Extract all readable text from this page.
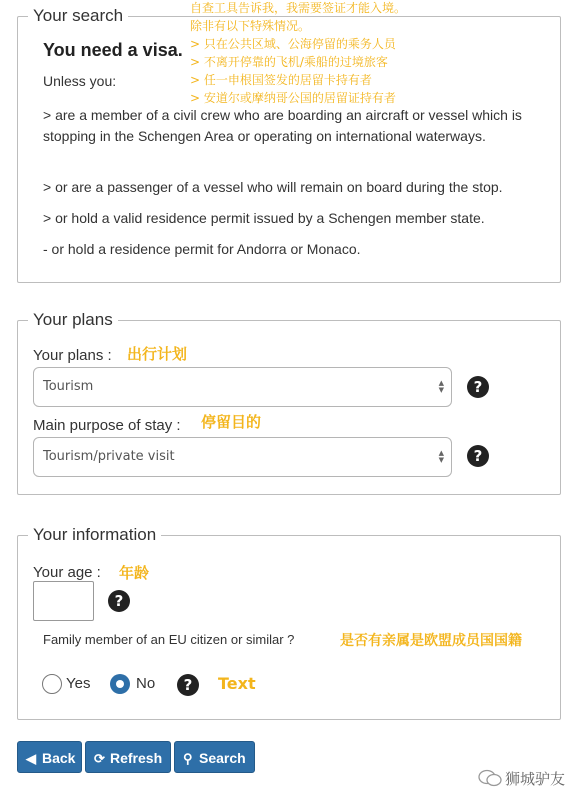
Your search
You need a visa.
Unless you:
> are a member of a civil crew who are boarding an aircraft or vessel which is stopping in the Schengen Area or operating on international waterways.
> or are a passenger of a vessel who will remain on board during the stop.
> or hold a valid residence permit issued by a Schengen member state.
- or hold a residence permit for Andorra or Monaco.
自查工具告诉我，我需要签证才能入境。
除非有以下特殊情况。
> 只在公共区域、公海停留的乘务人员
> 不离开停靠的飞机/乘船的过境旅客
> 任一申根国签发的居留卡持有者
> 安道尔或摩纳哥公国的居留证持有者
Your plans
Your plans : 出行计划
Tourism	▲
▼	?
Main purpose of stay : 停留目的
Tourism/private visit	▲
▼	?
Your information
Your age : 年龄
?
Family member of an EU citizen or similar ?	是否有亲属是欧盟成员国国籍
Yes	No	?	Text
◀ Back	⟳ Refresh	⚲ Search
狮城驴友
